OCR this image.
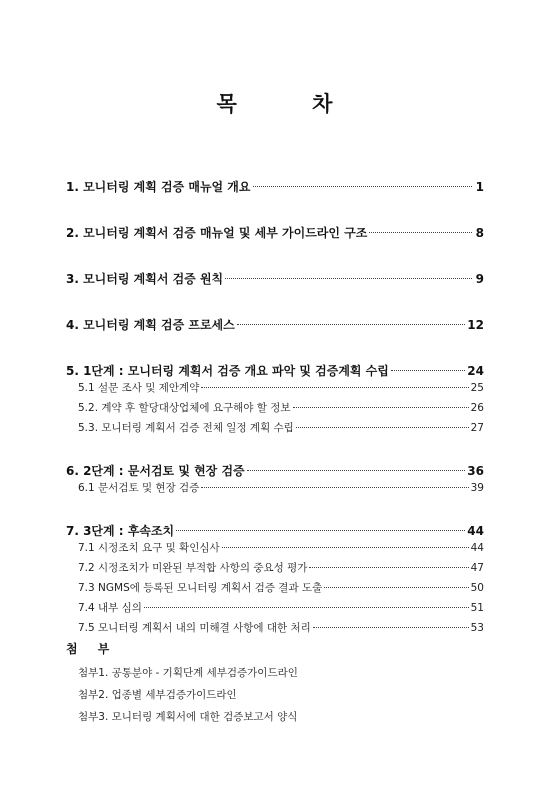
목 차
1. 모니터링 계획 검증 매뉴얼 개요	1
2. 모니터링 계획서 검증 매뉴얼 및 세부 가이드라인 구조	8
3. 모니터링 계획서 검증 원칙	9
4. 모니터링 계획 검증 프로세스	12
5. 1단계 : 모니터링 계획서 검증 개요 파악 및 검증계획 수립	24
5.1 설문 조사 및 제안계약	25
5.2. 계약 후 할당대상업체에 요구해야 할 정보	26
5.3. 모니터링 계획서 검증 전체 일정 계획 수립	27
6. 2단계 : 문서검토 및 현장 검증	36
6.1 문서검토 및 현장 검증	39
7. 3단계 : 후속조치	44
7.1 시정조치 요구 및 확인심사	44
7.2 시정조치가 미완된 부적합 사항의 중요성 평가	47
7.3 NGMS에 등록된 모니터링 계획서 검증 결과 도출	50
7.4 내부 심의	51
7.5 모니터링 계획서 내의 미해결 사항에 대한 처리	53
첨 부
첨부1. 공통분야 - 기획단계 세부검증가이드라인
첨부2. 업종별 세부검증가이드라인
첨부3. 모니터링 계획서에 대한 검증보고서 양식
